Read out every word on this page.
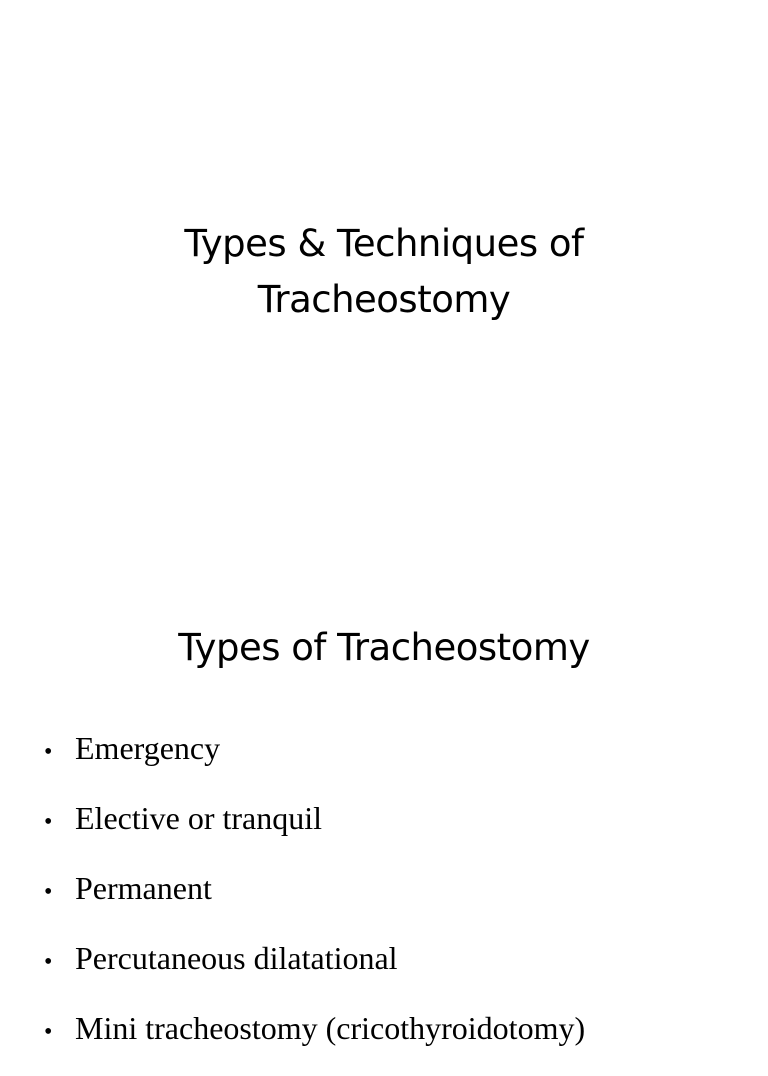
Types & Techniques of
Tracheostomy
Types of Tracheostomy
• Emergency
• Elective or tranquil
• Permanent
• Percutaneous dilatational
• Mini tracheostomy (cricothyroidotomy)
